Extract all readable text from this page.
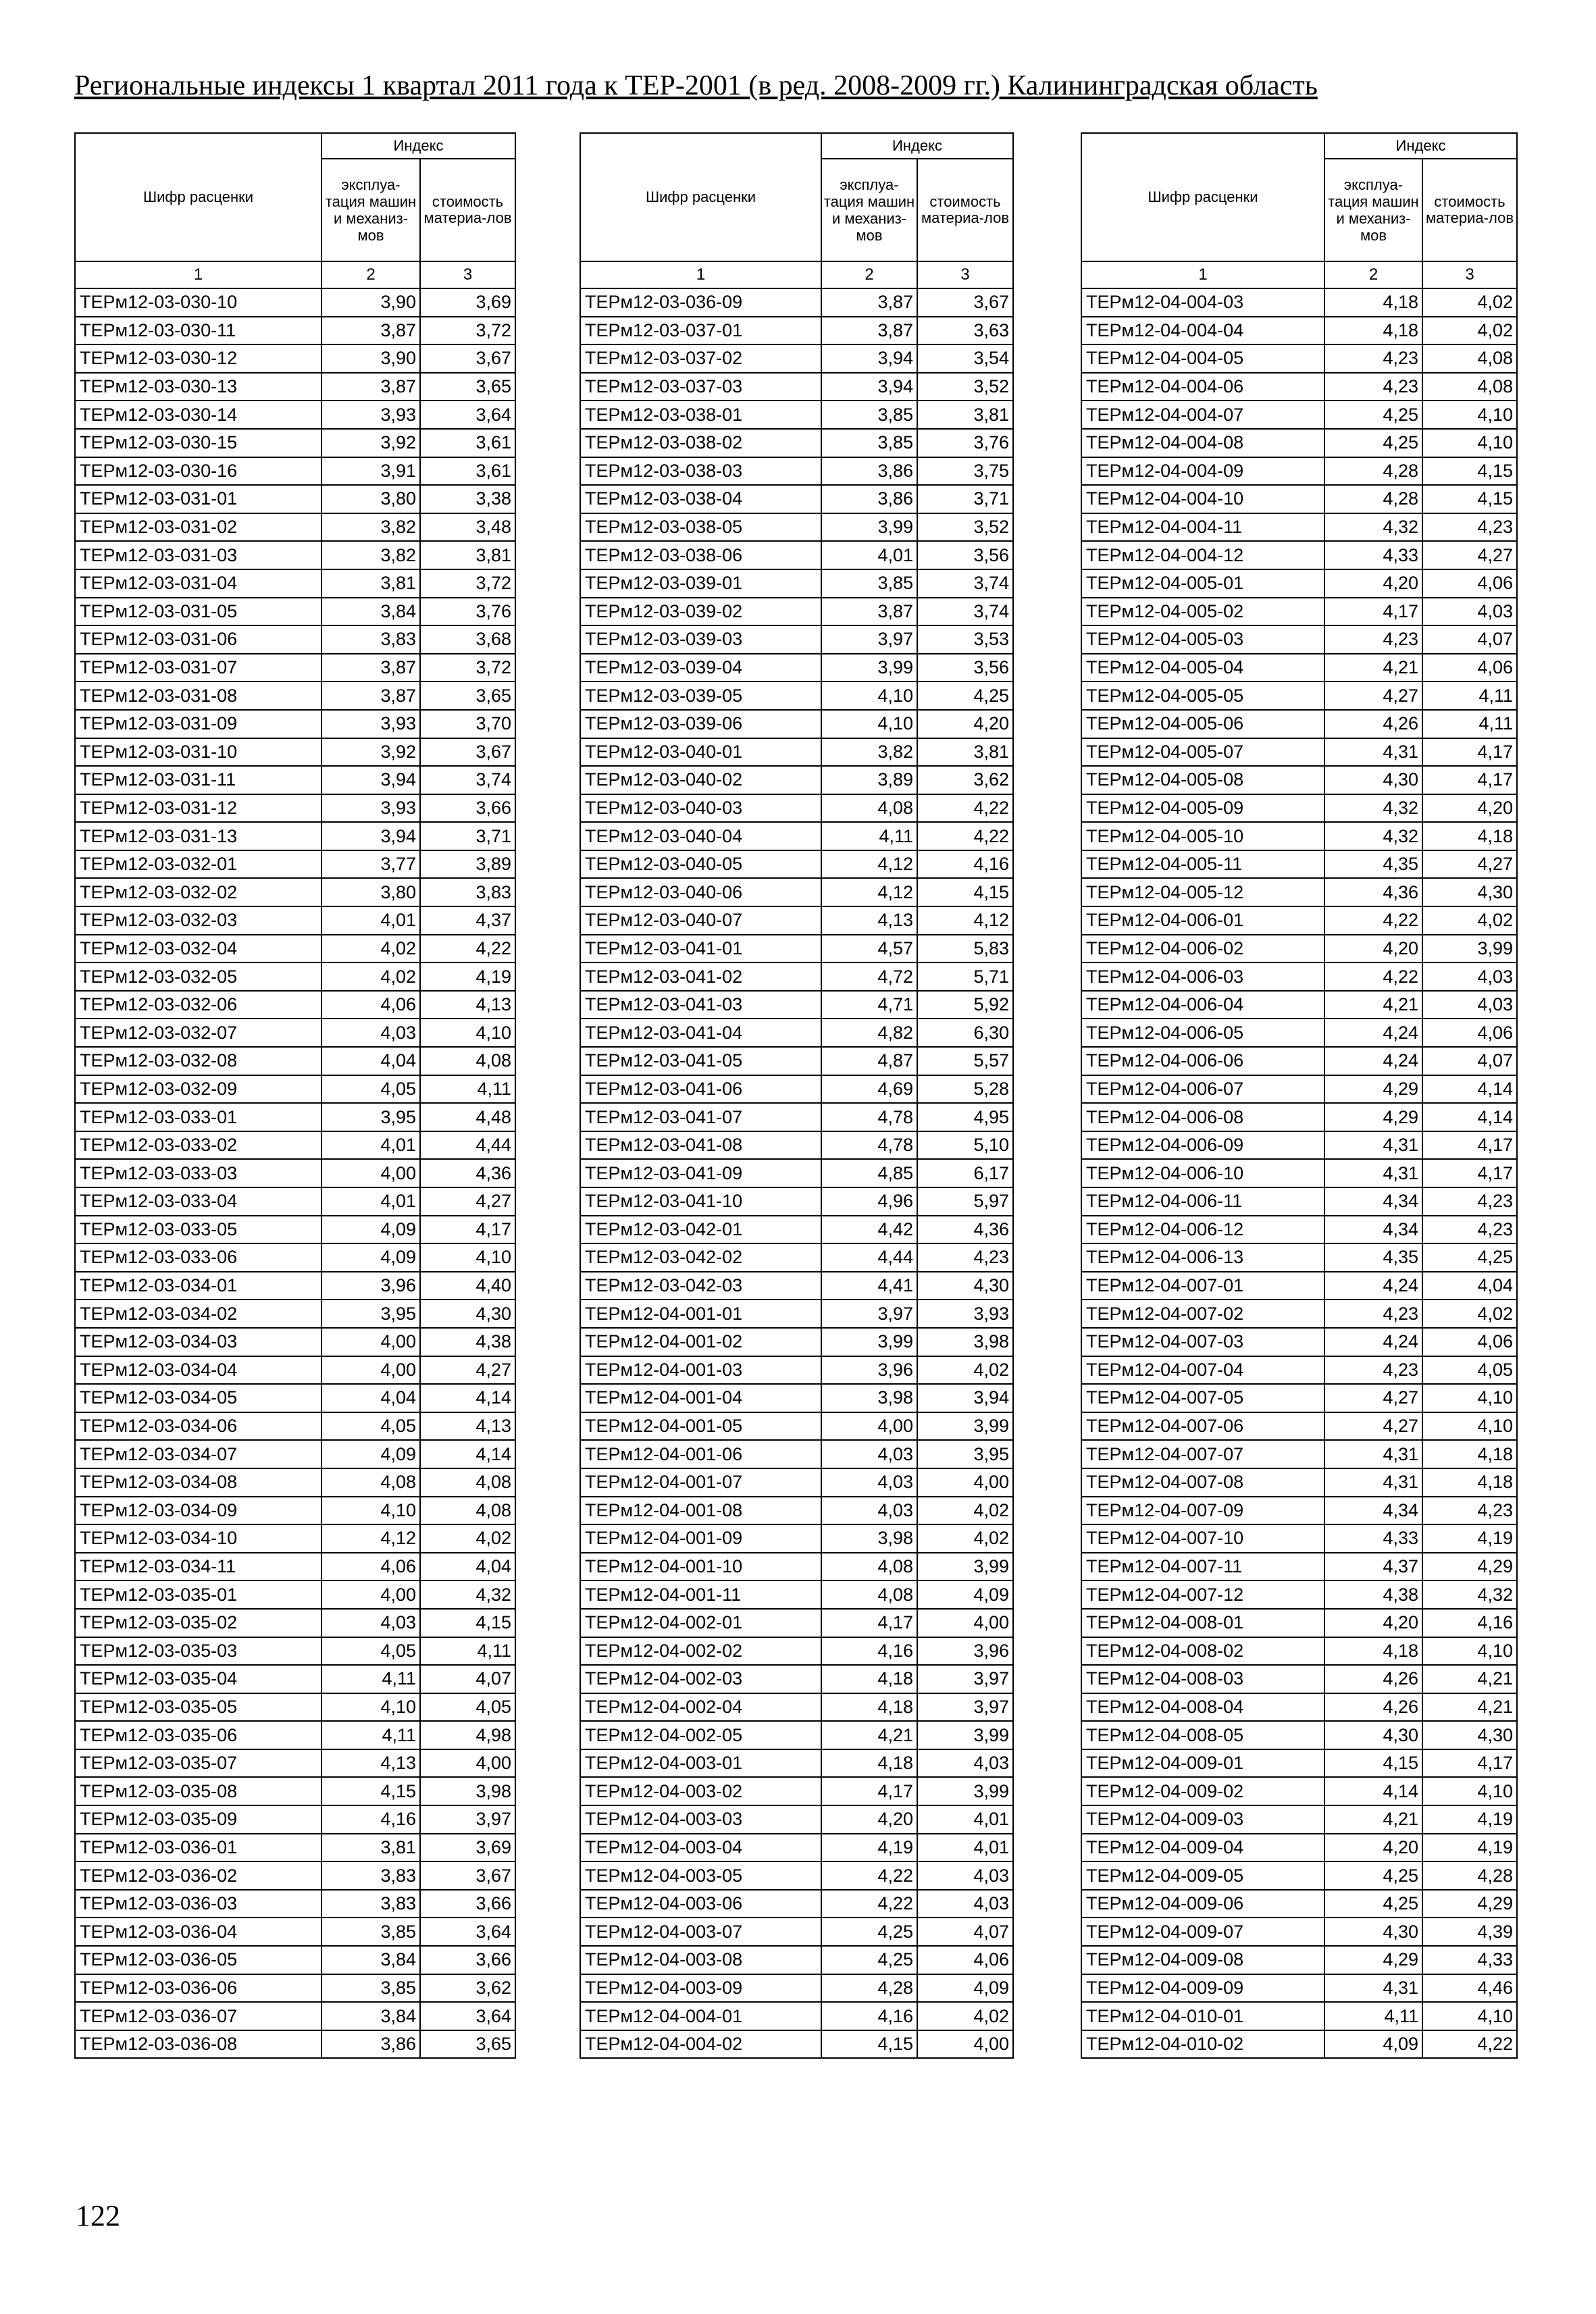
Региональные индексы 1 квартал 2011 года к ТЕР-2001 (в ред. 2008-2009 гг.) Калининградская область
Шифр расценки	Индекс	
	эксплуа-тация машин и механиз-мов	стоимость материа-лов
1	2	3
ТЕРм12-03-030-10	3,90	3,69
ТЕРм12-03-030-11	3,87	3,72
ТЕРм12-03-030-12	3,90	3,67
ТЕРм12-03-030-13	3,87	3,65
ТЕРм12-03-030-14	3,93	3,64
ТЕРм12-03-030-15	3,92	3,61
ТЕРм12-03-030-16	3,91	3,61
ТЕРм12-03-031-01	3,80	3,38
ТЕРм12-03-031-02	3,82	3,48
ТЕРм12-03-031-03	3,82	3,81
ТЕРм12-03-031-04	3,81	3,72
ТЕРм12-03-031-05	3,84	3,76
ТЕРм12-03-031-06	3,83	3,68
ТЕРм12-03-031-07	3,87	3,72
ТЕРм12-03-031-08	3,87	3,65
ТЕРм12-03-031-09	3,93	3,70
ТЕРм12-03-031-10	3,92	3,67
ТЕРм12-03-031-11	3,94	3,74
ТЕРм12-03-031-12	3,93	3,66
ТЕРм12-03-031-13	3,94	3,71
ТЕРм12-03-032-01	3,77	3,89
ТЕРм12-03-032-02	3,80	3,83
ТЕРм12-03-032-03	4,01	4,37
ТЕРм12-03-032-04	4,02	4,22
ТЕРм12-03-032-05	4,02	4,19
ТЕРм12-03-032-06	4,06	4,13
ТЕРм12-03-032-07	4,03	4,10
ТЕРм12-03-032-08	4,04	4,08
ТЕРм12-03-032-09	4,05	4,11
ТЕРм12-03-033-01	3,95	4,48
ТЕРм12-03-033-02	4,01	4,44
ТЕРм12-03-033-03	4,00	4,36
ТЕРм12-03-033-04	4,01	4,27
ТЕРм12-03-033-05	4,09	4,17
ТЕРм12-03-033-06	4,09	4,10
ТЕРм12-03-034-01	3,96	4,40
ТЕРм12-03-034-02	3,95	4,30
ТЕРм12-03-034-03	4,00	4,38
ТЕРм12-03-034-04	4,00	4,27
ТЕРм12-03-034-05	4,04	4,14
ТЕРм12-03-034-06	4,05	4,13
ТЕРм12-03-034-07	4,09	4,14
ТЕРм12-03-034-08	4,08	4,08
ТЕРм12-03-034-09	4,10	4,08
ТЕРм12-03-034-10	4,12	4,02
ТЕРм12-03-034-11	4,06	4,04
ТЕРм12-03-035-01	4,00	4,32
ТЕРм12-03-035-02	4,03	4,15
ТЕРм12-03-035-03	4,05	4,11
ТЕРм12-03-035-04	4,11	4,07
ТЕРм12-03-035-05	4,10	4,05
ТЕРм12-03-035-06	4,11	4,98
ТЕРм12-03-035-07	4,13	4,00
ТЕРм12-03-035-08	4,15	3,98
ТЕРм12-03-035-09	4,16	3,97
ТЕРм12-03-036-01	3,81	3,69
ТЕРм12-03-036-02	3,83	3,67
ТЕРм12-03-036-03	3,83	3,66
ТЕРм12-03-036-04	3,85	3,64
ТЕРм12-03-036-05	3,84	3,66
ТЕРм12-03-036-06	3,85	3,62
ТЕРм12-03-036-07	3,84	3,64
ТЕРм12-03-036-08	3,86	3,65
Шифр расценки	Индекс	
	эксплуа-тация машин и механиз-мов	стоимость материа-лов
1	2	3
ТЕРм12-03-036-09	3,87	3,67
ТЕРм12-03-037-01	3,87	3,63
ТЕРм12-03-037-02	3,94	3,54
ТЕРм12-03-037-03	3,94	3,52
ТЕРм12-03-038-01	3,85	3,81
ТЕРм12-03-038-02	3,85	3,76
ТЕРм12-03-038-03	3,86	3,75
ТЕРм12-03-038-04	3,86	3,71
ТЕРм12-03-038-05	3,99	3,52
ТЕРм12-03-038-06	4,01	3,56
ТЕРм12-03-039-01	3,85	3,74
ТЕРм12-03-039-02	3,87	3,74
ТЕРм12-03-039-03	3,97	3,53
ТЕРм12-03-039-04	3,99	3,56
ТЕРм12-03-039-05	4,10	4,25
ТЕРм12-03-039-06	4,10	4,20
ТЕРм12-03-040-01	3,82	3,81
ТЕРм12-03-040-02	3,89	3,62
ТЕРм12-03-040-03	4,08	4,22
ТЕРм12-03-040-04	4,11	4,22
ТЕРм12-03-040-05	4,12	4,16
ТЕРм12-03-040-06	4,12	4,15
ТЕРм12-03-040-07	4,13	4,12
ТЕРм12-03-041-01	4,57	5,83
ТЕРм12-03-041-02	4,72	5,71
ТЕРм12-03-041-03	4,71	5,92
ТЕРм12-03-041-04	4,82	6,30
ТЕРм12-03-041-05	4,87	5,57
ТЕРм12-03-041-06	4,69	5,28
ТЕРм12-03-041-07	4,78	4,95
ТЕРм12-03-041-08	4,78	5,10
ТЕРм12-03-041-09	4,85	6,17
ТЕРм12-03-041-10	4,96	5,97
ТЕРм12-03-042-01	4,42	4,36
ТЕРм12-03-042-02	4,44	4,23
ТЕРм12-03-042-03	4,41	4,30
ТЕРм12-04-001-01	3,97	3,93
ТЕРм12-04-001-02	3,99	3,98
ТЕРм12-04-001-03	3,96	4,02
ТЕРм12-04-001-04	3,98	3,94
ТЕРм12-04-001-05	4,00	3,99
ТЕРм12-04-001-06	4,03	3,95
ТЕРм12-04-001-07	4,03	4,00
ТЕРм12-04-001-08	4,03	4,02
ТЕРм12-04-001-09	3,98	4,02
ТЕРм12-04-001-10	4,08	3,99
ТЕРм12-04-001-11	4,08	4,09
ТЕРм12-04-002-01	4,17	4,00
ТЕРм12-04-002-02	4,16	3,96
ТЕРм12-04-002-03	4,18	3,97
ТЕРм12-04-002-04	4,18	3,97
ТЕРм12-04-002-05	4,21	3,99
ТЕРм12-04-003-01	4,18	4,03
ТЕРм12-04-003-02	4,17	3,99
ТЕРм12-04-003-03	4,20	4,01
ТЕРм12-04-003-04	4,19	4,01
ТЕРм12-04-003-05	4,22	4,03
ТЕРм12-04-003-06	4,22	4,03
ТЕРм12-04-003-07	4,25	4,07
ТЕРм12-04-003-08	4,25	4,06
ТЕРм12-04-003-09	4,28	4,09
ТЕРм12-04-004-01	4,16	4,02
ТЕРм12-04-004-02	4,15	4,00
Шифр расценки	Индекс	
	эксплуа-тация машин и механиз-мов	стоимость материа-лов
1	2	3
ТЕРм12-04-004-03	4,18	4,02
ТЕРм12-04-004-04	4,18	4,02
ТЕРм12-04-004-05	4,23	4,08
ТЕРм12-04-004-06	4,23	4,08
ТЕРм12-04-004-07	4,25	4,10
ТЕРм12-04-004-08	4,25	4,10
ТЕРм12-04-004-09	4,28	4,15
ТЕРм12-04-004-10	4,28	4,15
ТЕРм12-04-004-11	4,32	4,23
ТЕРм12-04-004-12	4,33	4,27
ТЕРм12-04-005-01	4,20	4,06
ТЕРм12-04-005-02	4,17	4,03
ТЕРм12-04-005-03	4,23	4,07
ТЕРм12-04-005-04	4,21	4,06
ТЕРм12-04-005-05	4,27	4,11
ТЕРм12-04-005-06	4,26	4,11
ТЕРм12-04-005-07	4,31	4,17
ТЕРм12-04-005-08	4,30	4,17
ТЕРм12-04-005-09	4,32	4,20
ТЕРм12-04-005-10	4,32	4,18
ТЕРм12-04-005-11	4,35	4,27
ТЕРм12-04-005-12	4,36	4,30
ТЕРм12-04-006-01	4,22	4,02
ТЕРм12-04-006-02	4,20	3,99
ТЕРм12-04-006-03	4,22	4,03
ТЕРм12-04-006-04	4,21	4,03
ТЕРм12-04-006-05	4,24	4,06
ТЕРм12-04-006-06	4,24	4,07
ТЕРм12-04-006-07	4,29	4,14
ТЕРм12-04-006-08	4,29	4,14
ТЕРм12-04-006-09	4,31	4,17
ТЕРм12-04-006-10	4,31	4,17
ТЕРм12-04-006-11	4,34	4,23
ТЕРм12-04-006-12	4,34	4,23
ТЕРм12-04-006-13	4,35	4,25
ТЕРм12-04-007-01	4,24	4,04
ТЕРм12-04-007-02	4,23	4,02
ТЕРм12-04-007-03	4,24	4,06
ТЕРм12-04-007-04	4,23	4,05
ТЕРм12-04-007-05	4,27	4,10
ТЕРм12-04-007-06	4,27	4,10
ТЕРм12-04-007-07	4,31	4,18
ТЕРм12-04-007-08	4,31	4,18
ТЕРм12-04-007-09	4,34	4,23
ТЕРм12-04-007-10	4,33	4,19
ТЕРм12-04-007-11	4,37	4,29
ТЕРм12-04-007-12	4,38	4,32
ТЕРм12-04-008-01	4,20	4,16
ТЕРм12-04-008-02	4,18	4,10
ТЕРм12-04-008-03	4,26	4,21
ТЕРм12-04-008-04	4,26	4,21
ТЕРм12-04-008-05	4,30	4,30
ТЕРм12-04-009-01	4,15	4,17
ТЕРм12-04-009-02	4,14	4,10
ТЕРм12-04-009-03	4,21	4,19
ТЕРм12-04-009-04	4,20	4,19
ТЕРм12-04-009-05	4,25	4,28
ТЕРм12-04-009-06	4,25	4,29
ТЕРм12-04-009-07	4,30	4,39
ТЕРм12-04-009-08	4,29	4,33
ТЕРм12-04-009-09	4,31	4,46
ТЕРм12-04-010-01	4,11	4,10
ТЕРм12-04-010-02	4,09	4,22
122
